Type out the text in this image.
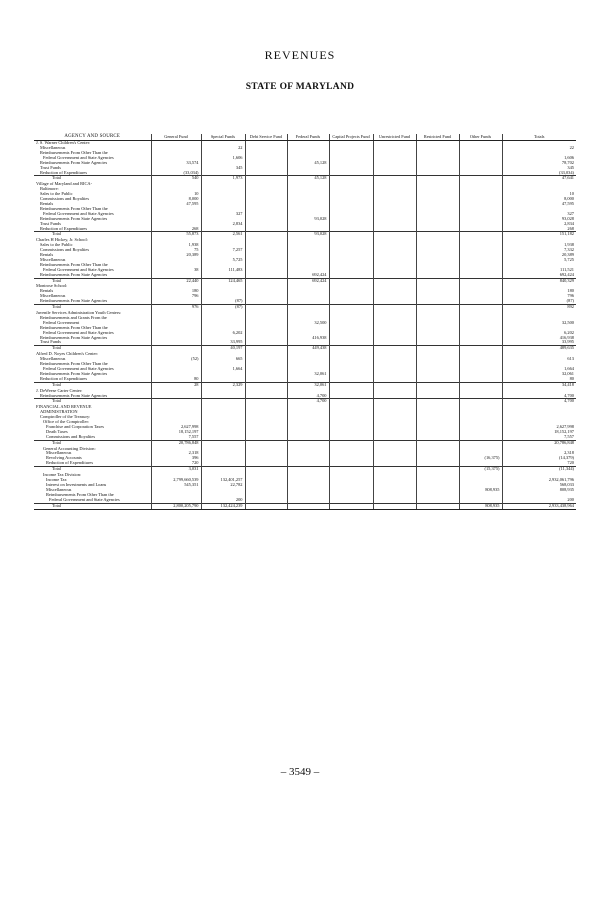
REVENUES
STATE OF MARYLAND
AGENCY AND SOURCE	General Fund	Special Funds	Debt Service Fund	Federal Funds	Capital Projects Fund	Unrestricted Fund	Restricted Fund	Other Funds	Totals
J. S. Warner Children's Center:									
Miscellaneous		22							22
Reimbursements From Other Than the									
Federal Government and State Agencies		1,606							1,606
Reimbursements From State Agencies	33,574			45,128					78,702
Trust Funds		345							345
Reduction of Expenditures	(33,034)								(33,034)
Total	540	1,973		45,128					47,641
Village of Maryland and RICA-									
Baltimore:									
Sales to the Public	10								10
Commissions and Royalties	8,000								8,000
Rentals	47,595								47,595
Reimbursements From Other Than the									
Federal Government and State Agencies		327							327
Reimbursements From State Agencies				93,028					93,028
Trust Funds		2,834							2,834
Reduction of Expenditures	268								268
Total	55,873	2,561		93,028					151,182
Charles H Hickey, Jr. School:									
Sales to the Public	1,938								1,938
Commissions and Royalties	75	7,257							7,332
Rentals	20,389								20,389
Miscellaneous		5,725							5,725
Reimbursements From Other Than the									
Federal Government and State Agencies	38	111,483							111,521
Reimbursements From State Agencies				692,424					692,424
Total	22,440	124,465		692,424					840,329
Montrose School:									
Rentals	180								180
Miscellaneous	796								796
Reimbursements From State Agencies		(87)							(87)
Total	976	(87)							892
Juvenile Services Administration Youth Centers:									
Reimbursements and Grants From the									
Federal Government				32,500					32,500
Reimbursements From Other Than the									
Federal Government and State Agencies		6,202							6,202
Reimbursements From State Agencies				416,938					416,938
Trust Funds		33,995							33,995
Total		40,197		449,438					489,635
Alfred D. Noyes Children's Center:									
Miscellaneous	(52)	665							613
Reimbursements From Other Than the									
Federal Government and State Agencies		1,664							1,664
Reimbursements From State Agencies				32,061					32,061
Reduction of Expenditures	80								80
Total	28	2,329		32,061					34,418
J. DeWeese Carter Center:									
Reimbursements From State Agencies				4,700					4,700
Total				4,700					4,700
FINANCIAL AND REVENUE									
ADMINISTRATION									
Comptroller of the Treasury:									
Office of the Comptroller:									
Franchise and Corporation Taxes	2,627,998								2,627,998
Death Taxes	18,152,197								18,152,197
Commissions and Royalties	7,557								7,557
Total	20,786,848								20,786,848
General Accounting Division:									
Miscellaneous	2,318								2,318
Revolving Accounts	396							(16,375)	(14,379)
Reduction of Expenditures	720								720
Total	3,031							(15,375)	(11,344)
Income Tax Division:									
Income Tax	2,799,660,539	132,401,257							2,932,061,796
Interest on Investments and Loans	545,351	22,782							568,033
Miscellaneous								808,935	808,935
Reimbursements From Other Than the									
Federal Government and State Agencies		200							200
Total	2,800,205,790	132,424,239						808,935	2,933,438,964
– 3549 –
